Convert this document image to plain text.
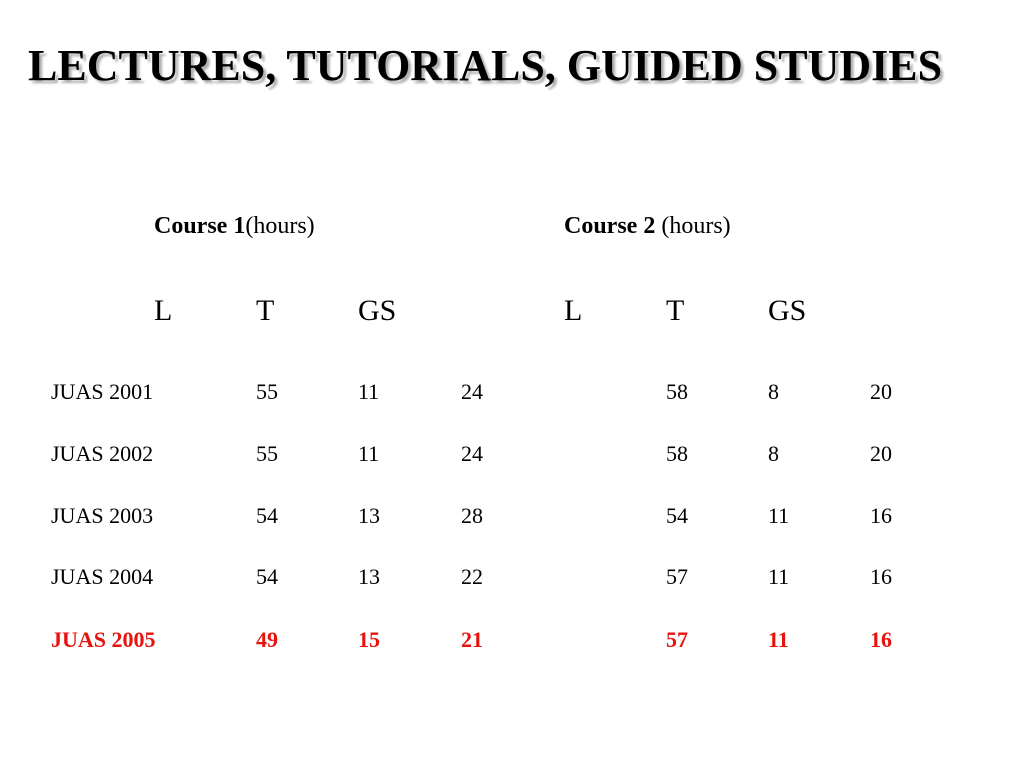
LECTURES, TUTORIALS, GUIDED STUDIES
Course 1(hours)	Course 2 (hours)
L	T	GS	L	T	GS
JUAS 2001	55	11	24	58	8	20
JUAS 2002	55	11	24	58	8	20
JUAS 2003	54	13	28	54	11	16
JUAS 2004	54	13	22	57	11	16
JUAS 2005	49	15	21	57	11	16
